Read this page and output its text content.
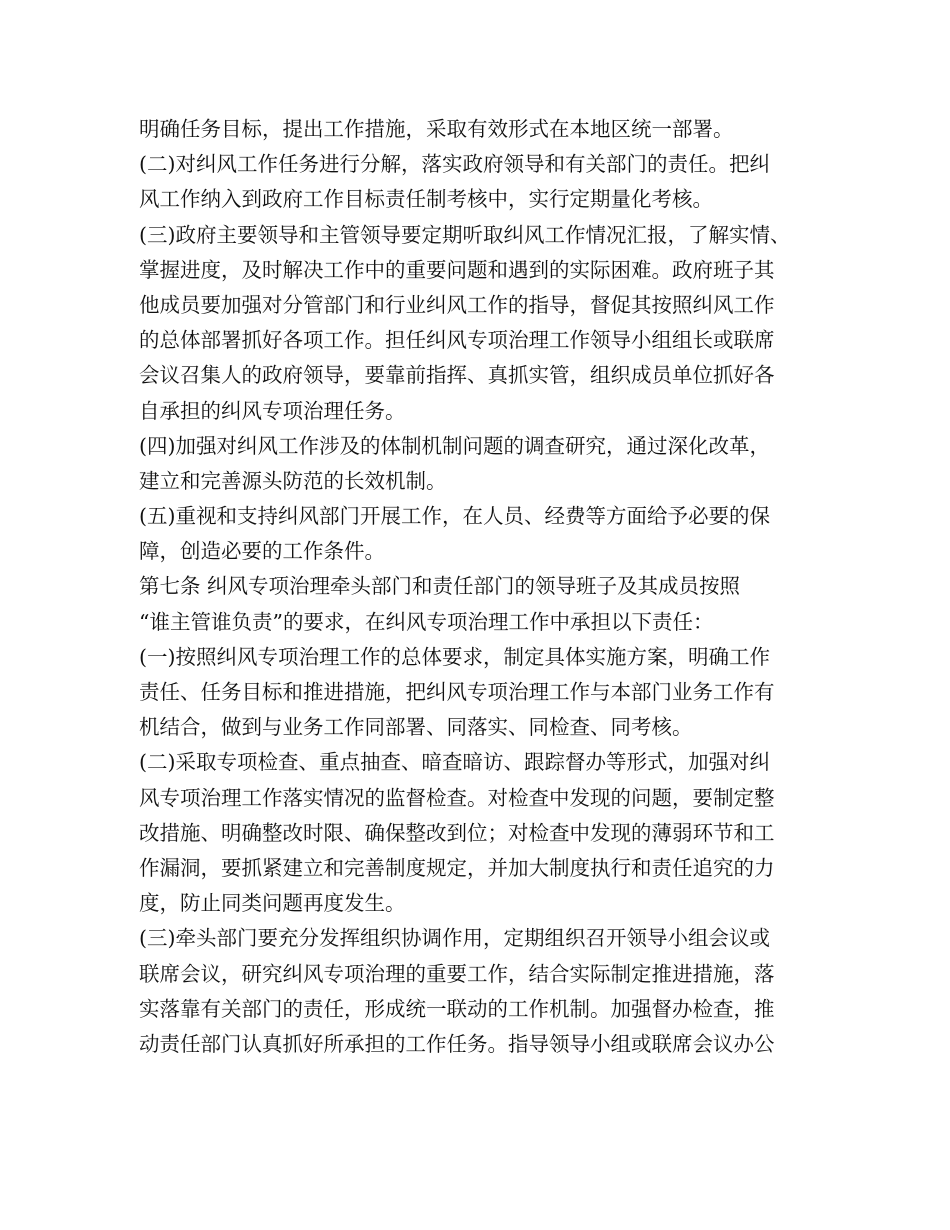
明确任务目标，提出工作措施，采取有效形式在本地区统一部署。
(二)对纠风工作任务进行分解，落实政府领导和有关部门的责任。把纠
风工作纳入到政府工作目标责任制考核中，实行定期量化考核。
(三)政府主要领导和主管领导要定期听取纠风工作情况汇报，了解实情、
掌握进度，及时解决工作中的重要问题和遇到的实际困难。政府班子其
他成员要加强对分管部门和行业纠风工作的指导，督促其按照纠风工作
的总体部署抓好各项工作。担任纠风专项治理工作领导小组组长或联席
会议召集人的政府领导，要靠前指挥、真抓实管，组织成员单位抓好各
自承担的纠风专项治理任务。
(四)加强对纠风工作涉及的体制机制问题的调查研究，通过深化改革，
建立和完善源头防范的长效机制。
(五)重视和支持纠风部门开展工作，在人员、经费等方面给予必要的保
障，创造必要的工作条件。
第七条 纠风专项治理牵头部门和责任部门的领导班子及其成员按照
“谁主管谁负责”的要求，在纠风专项治理工作中承担以下责任：
(一)按照纠风专项治理工作的总体要求，制定具体实施方案，明确工作
责任、任务目标和推进措施，把纠风专项治理工作与本部门业务工作有
机结合，做到与业务工作同部署、同落实、同检查、同考核。
(二)采取专项检查、重点抽查、暗查暗访、跟踪督办等形式，加强对纠
风专项治理工作落实情况的监督检查。对检查中发现的问题，要制定整
改措施、明确整改时限、确保整改到位；对检查中发现的薄弱环节和工
作漏洞，要抓紧建立和完善制度规定，并加大制度执行和责任追究的力
度，防止同类问题再度发生。
(三)牵头部门要充分发挥组织协调作用，定期组织召开领导小组会议或
联席会议，研究纠风专项治理的重要工作，结合实际制定推进措施，落
实落靠有关部门的责任，形成统一联动的工作机制。加强督办检查，推
动责任部门认真抓好所承担的工作任务。指导领导小组或联席会议办公
